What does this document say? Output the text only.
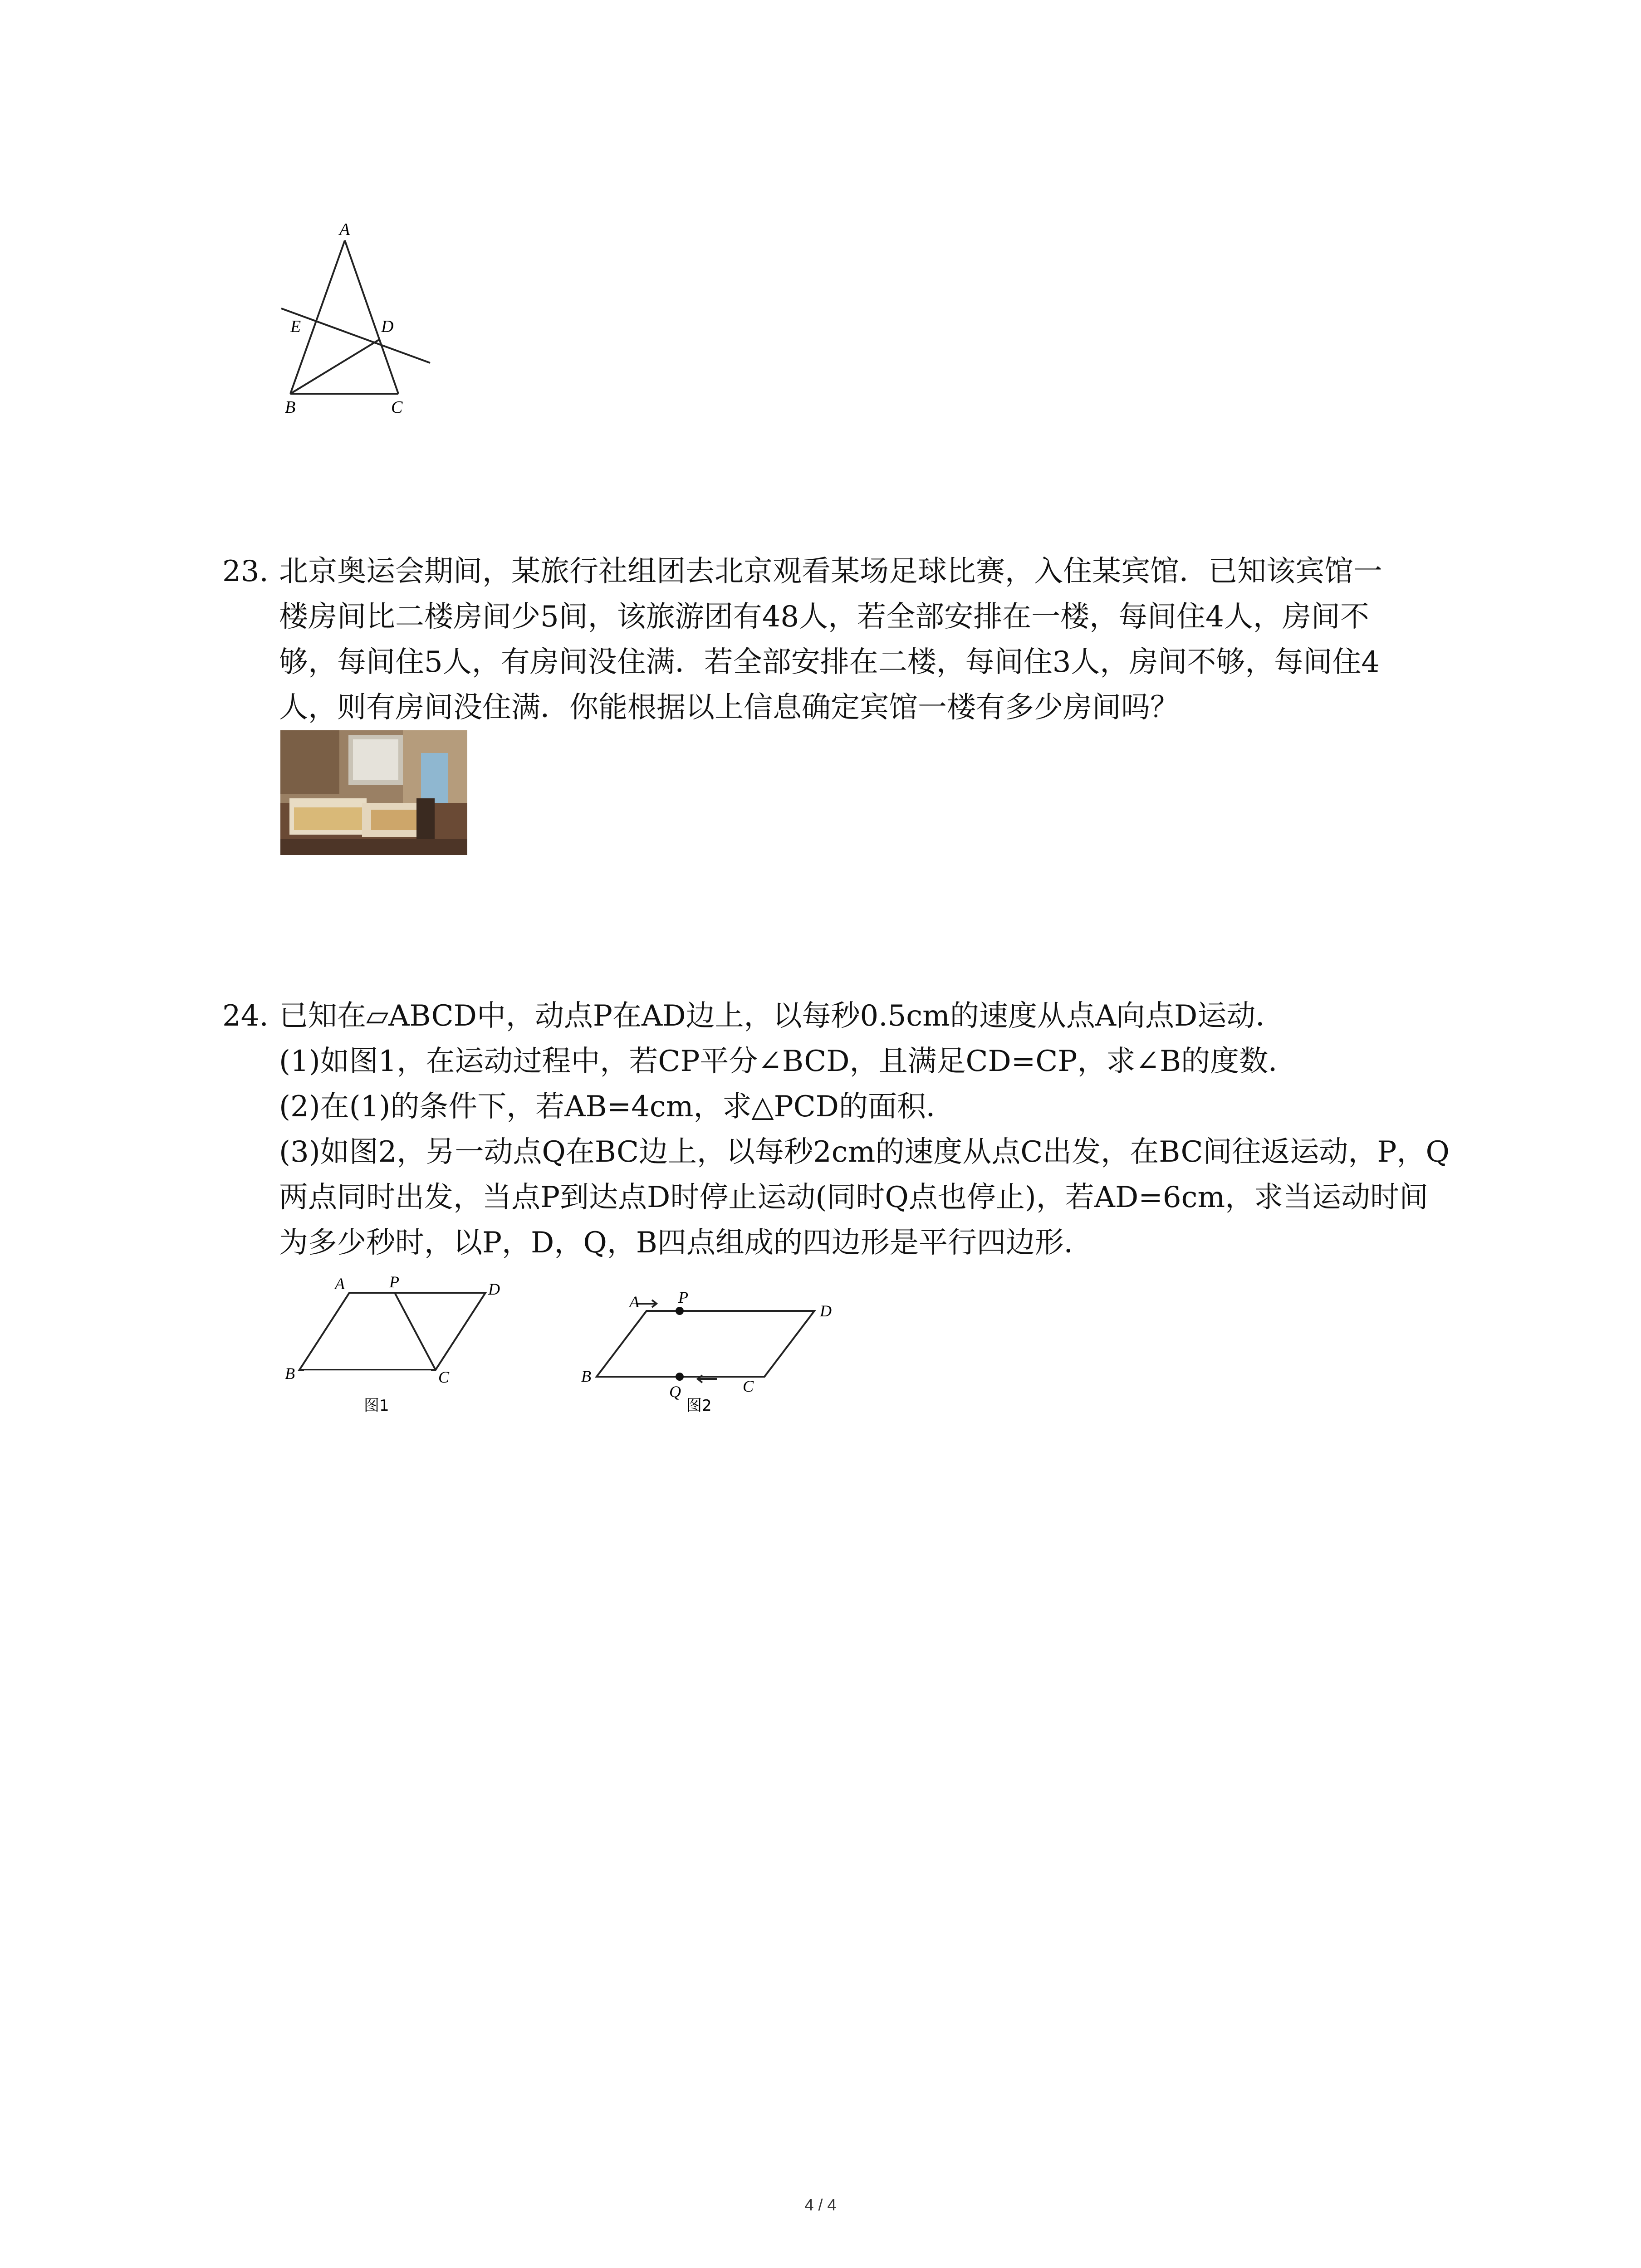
A
E	D
B	C
23. 北京奥运会期间，某旅行社组团去北京观看某场足球比赛，入住某宾馆．已知该宾馆一
楼房间比二楼房间少5间，该旅游团有48人，若全部安排在一楼，每间住4人，房间不
够，每间住5人，有房间没住满．若全部安排在二楼，每间住3人，房间不够，每间住4
人，则有房间没住满．你能根据以上信息确定宾馆一楼有多少房间吗？
24. 已知在▱ABCD中，动点P在AD边上，以每秒0.5cm的速度从点A向点D运动．
(1)如图1，在运动过程中，若CP平分∠BCD，且满足CD=CP，求∠B的度数．
(2)在(1)的条件下，若AB=4cm，求△PCD的面积．
(3)如图2，另一动点Q在BC边上，以每秒2cm的速度从点C出发，在BC间往返运动，P，Q
两点同时出发，当点P到达点D时停止运动(同时Q点也停止)，若AD=6cm，求当运动时间
为多少秒时，以P，D，Q，B四点组成的四边形是平行四边形．
A	P	D
B	C
图1
A P
D
B
Q	C
图2
4 / 4
